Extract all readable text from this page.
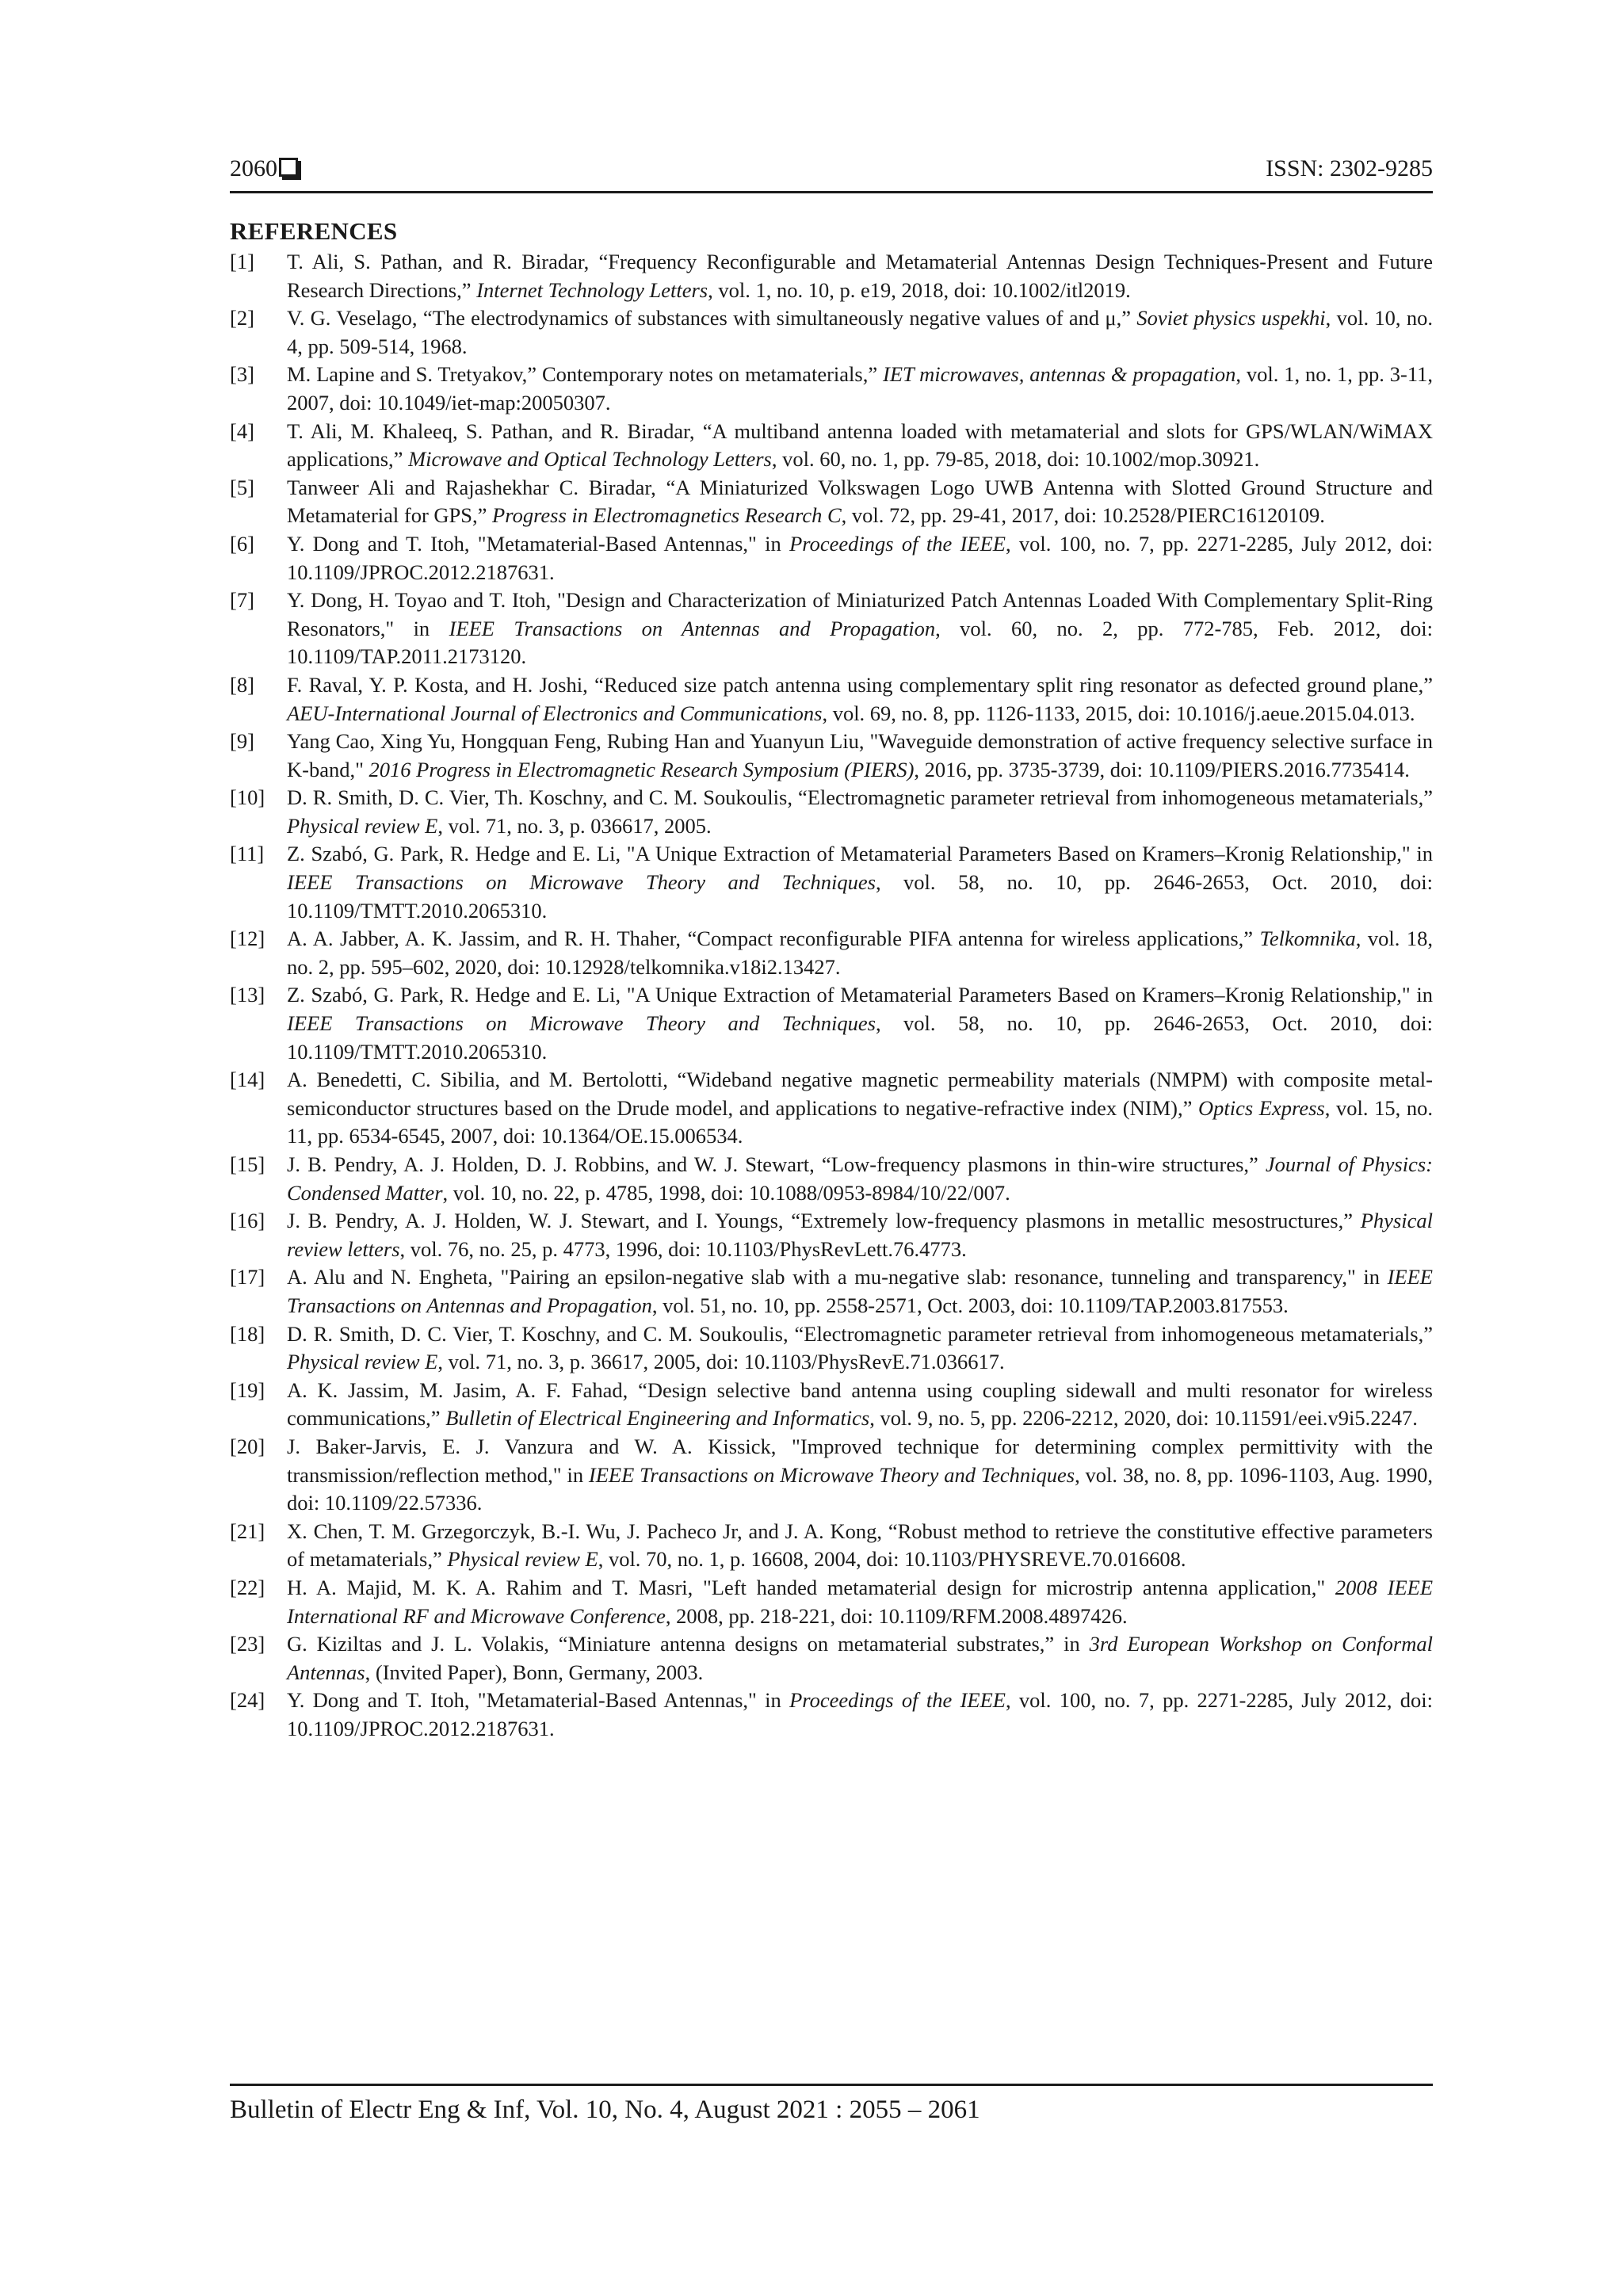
2060	ISSN: 2302-9285
REFERENCES
[1] T. Ali, S. Pathan, and R. Biradar, “Frequency Reconfigurable and Metamaterial Antennas Design Techniques-Present and Future Research Directions,” Internet Technology Letters, vol. 1, no. 10, p. e19, 2018, doi: 10.1002/itl2019.
[2] V. G. Veselago, “The electrodynamics of substances with simultaneously negative values of and μ,” Soviet physics uspekhi, vol. 10, no. 4, pp. 509-514, 1968.
[3] M. Lapine and S. Tretyakov,” Contemporary notes on metamaterials,” IET microwaves, antennas & propagation, vol. 1, no. 1, pp. 3-11, 2007, doi: 10.1049/iet-map:20050307.
[4] T. Ali, M. Khaleeq, S. Pathan, and R. Biradar, “A multiband antenna loaded with metamaterial and slots for GPS/WLAN/WiMAX applications,” Microwave and Optical Technology Letters, vol. 60, no. 1, pp. 79-85, 2018, doi: 10.1002/mop.30921.
[5] Tanweer Ali and Rajashekhar C. Biradar, “A Miniaturized Volkswagen Logo UWB Antenna with Slotted Ground Structure and Metamaterial for GPS,” Progress in Electromagnetics Research C, vol. 72, pp. 29-41, 2017, doi: 10.2528/PIERC16120109.
[6] Y. Dong and T. Itoh, "Metamaterial-Based Antennas," in Proceedings of the IEEE, vol. 100, no. 7, pp. 2271-2285, July 2012, doi: 10.1109/JPROC.2012.2187631.
[7] Y. Dong, H. Toyao and T. Itoh, "Design and Characterization of Miniaturized Patch Antennas Loaded With Complementary Split-Ring Resonators," in IEEE Transactions on Antennas and Propagation, vol. 60, no. 2, pp. 772-785, Feb. 2012, doi: 10.1109/TAP.2011.2173120.
[8] F. Raval, Y. P. Kosta, and H. Joshi, “Reduced size patch antenna using complementary split ring resonator as defected ground plane,” AEU-International Journal of Electronics and Communications, vol. 69, no. 8, pp. 1126-1133, 2015, doi: 10.1016/j.aeue.2015.04.013.
[9] Yang Cao, Xing Yu, Hongquan Feng, Rubing Han and Yuanyun Liu, "Waveguide demonstration of active frequency selective surface in K-band," 2016 Progress in Electromagnetic Research Symposium (PIERS), 2016, pp. 3735-3739, doi: 10.1109/PIERS.2016.7735414.
[10] D. R. Smith, D. C. Vier, Th. Koschny, and C. M. Soukoulis, “Electromagnetic parameter retrieval from inhomogeneous metamaterials,” Physical review E, vol. 71, no. 3, p. 036617, 2005.
[11] Z. Szabó, G. Park, R. Hedge and E. Li, "A Unique Extraction of Metamaterial Parameters Based on Kramers–Kronig Relationship," in IEEE Transactions on Microwave Theory and Techniques, vol. 58, no. 10, pp. 2646-2653, Oct. 2010, doi: 10.1109/TMTT.2010.2065310.
[12] A. A. Jabber, A. K. Jassim, and R. H. Thaher, “Compact reconfigurable PIFA antenna for wireless applications,” Telkomnika, vol. 18, no. 2, pp. 595–602, 2020, doi: 10.12928/telkomnika.v18i2.13427.
[13] Z. Szabó, G. Park, R. Hedge and E. Li, "A Unique Extraction of Metamaterial Parameters Based on Kramers–Kronig Relationship," in IEEE Transactions on Microwave Theory and Techniques, vol. 58, no. 10, pp. 2646-2653, Oct. 2010, doi: 10.1109/TMTT.2010.2065310.
[14] A. Benedetti, C. Sibilia, and M. Bertolotti, “Wideband negative magnetic permeability materials (NMPM) with composite metal-semiconductor structures based on the Drude model, and applications to negative-refractive index (NIM),” Optics Express, vol. 15, no. 11, pp. 6534-6545, 2007, doi: 10.1364/OE.15.006534.
[15] J. B. Pendry, A. J. Holden, D. J. Robbins, and W. J. Stewart, “Low-frequency plasmons in thin-wire structures,” Journal of Physics: Condensed Matter, vol. 10, no. 22, p. 4785, 1998, doi: 10.1088/0953-8984/10/22/007.
[16] J. B. Pendry, A. J. Holden, W. J. Stewart, and I. Youngs, “Extremely low-frequency plasmons in metallic mesostructures,” Physical review letters, vol. 76, no. 25, p. 4773, 1996, doi: 10.1103/PhysRevLett.76.4773.
[17] A. Alu and N. Engheta, "Pairing an epsilon-negative slab with a mu-negative slab: resonance, tunneling and transparency," in IEEE Transactions on Antennas and Propagation, vol. 51, no. 10, pp. 2558-2571, Oct. 2003, doi: 10.1109/TAP.2003.817553.
[18] D. R. Smith, D. C. Vier, T. Koschny, and C. M. Soukoulis, “Electromagnetic parameter retrieval from inhomogeneous metamaterials,” Physical review E, vol. 71, no. 3, p. 36617, 2005, doi: 10.1103/PhysRevE.71.036617.
[19] A. K. Jassim, M. Jasim, A. F. Fahad, “Design selective band antenna using coupling sidewall and multi resonator for wireless communications,” Bulletin of Electrical Engineering and Informatics, vol. 9, no. 5, pp. 2206-2212, 2020, doi: 10.11591/eei.v9i5.2247.
[20] J. Baker-Jarvis, E. J. Vanzura and W. A. Kissick, "Improved technique for determining complex permittivity with the transmission/reflection method," in IEEE Transactions on Microwave Theory and Techniques, vol. 38, no. 8, pp. 1096-1103, Aug. 1990, doi: 10.1109/22.57336.
[21] X. Chen, T. M. Grzegorczyk, B.-I. Wu, J. Pacheco Jr, and J. A. Kong, “Robust method to retrieve the constitutive effective parameters of metamaterials,” Physical review E, vol. 70, no. 1, p. 16608, 2004, doi: 10.1103/PHYSREVE.70.016608.
[22] H. A. Majid, M. K. A. Rahim and T. Masri, "Left handed metamaterial design for microstrip antenna application," 2008 IEEE International RF and Microwave Conference, 2008, pp. 218-221, doi: 10.1109/RFM.2008.4897426.
[23] G. Kiziltas and J. L. Volakis, “Miniature antenna designs on metamaterial substrates,” in 3rd European Workshop on Conformal Antennas, (Invited Paper), Bonn, Germany, 2003.
[24] Y. Dong and T. Itoh, "Metamaterial-Based Antennas," in Proceedings of the IEEE, vol. 100, no. 7, pp. 2271-2285, July 2012, doi: 10.1109/JPROC.2012.2187631.
Bulletin of Electr Eng & Inf, Vol. 10, No. 4, August 2021 : 2055 – 2061
